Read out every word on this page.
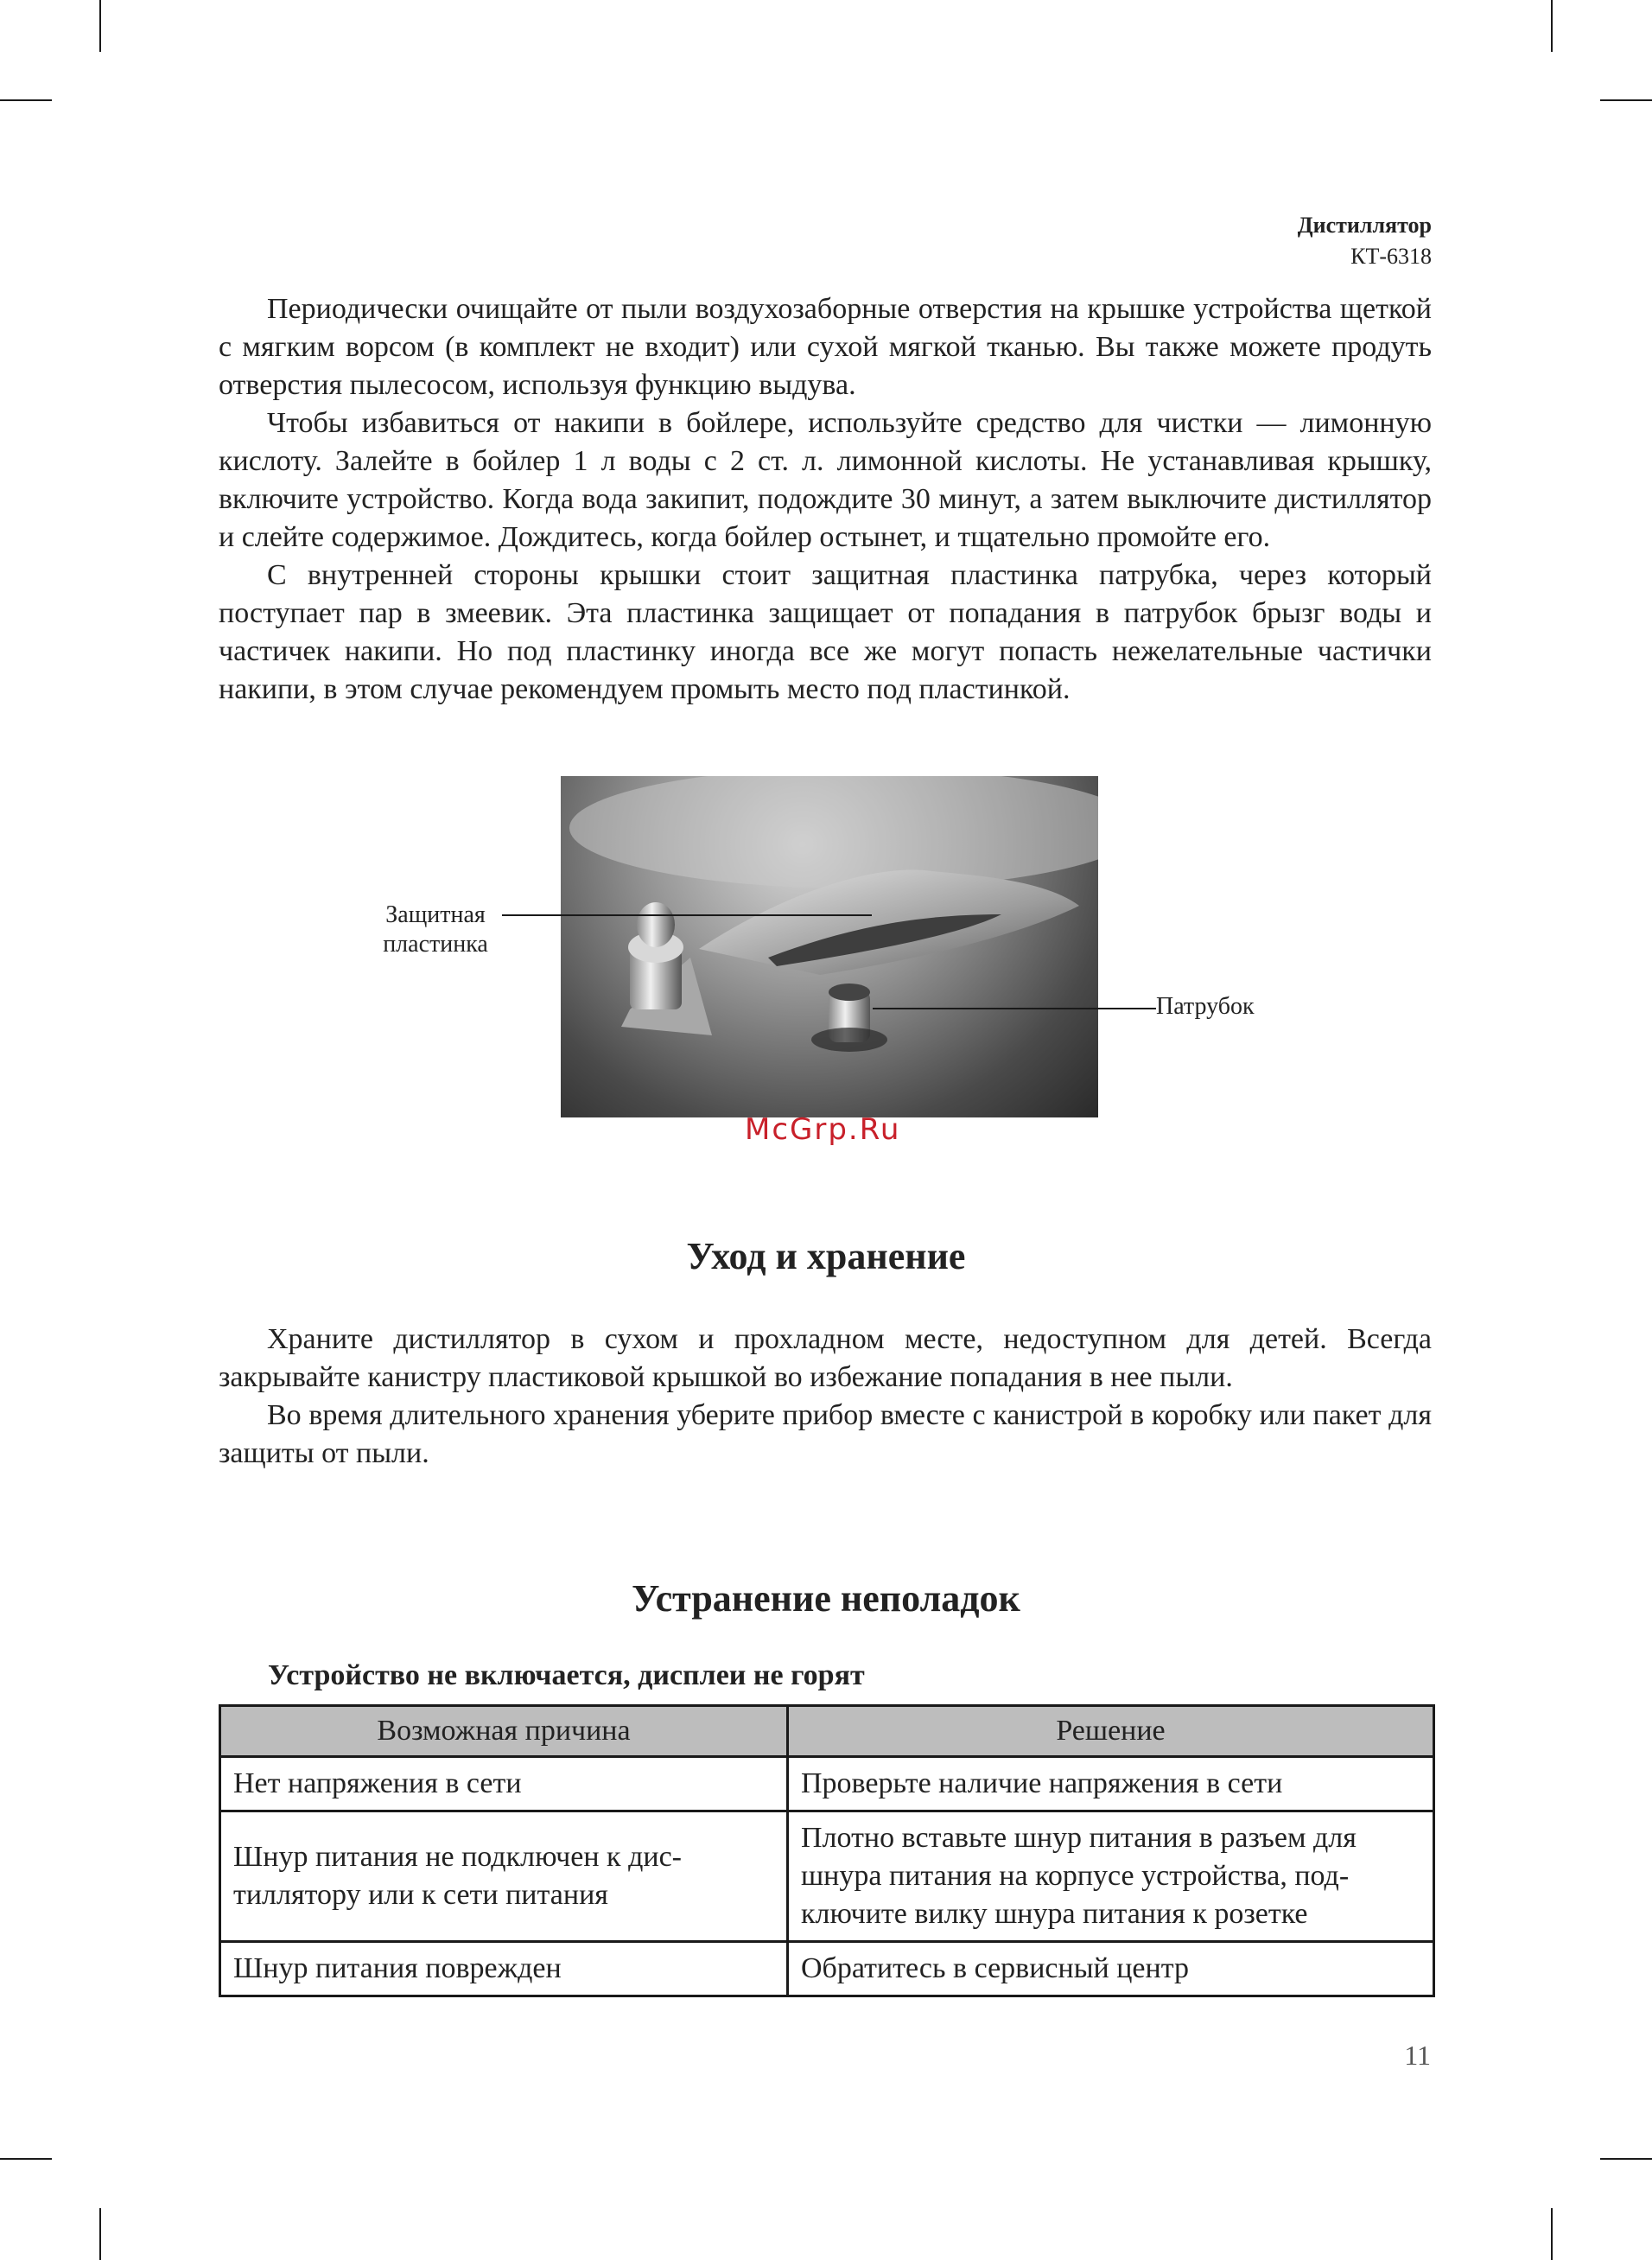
Дистиллятор
КТ-6318

Периодически очищайте от пыли воздухозаборные отверстия на крышке устройства щеткой с мягким ворсом (в комплект не входит) или сухой мягкой тканью. Вы также можете продуть отверстия пылесосом, используя функцию выдува.

Чтобы избавиться от накипи в бойлере, используйте средство для чистки — лимонную кислоту. Залейте в бойлер 1 л воды с 2 ст. л. лимонной кислоты. Не устанавливая крышку, включите устройство. Когда вода закипит, подождите 30 минут, а затем выключите дистиллятор и слейте содержимое. Дождитесь, когда бойлер остынет, и тщательно промойте его.

С внутренней стороны крышки стоит защитная пластинка патрубка, через который поступает пар в змеевик. Эта пластинка защищает от попадания в патрубок брызг воды и частичек накипи. Но под пластинку иногда все же могут попасть нежелательные частички накипи, в этом случае рекомендуем промыть место под пластинкой.

Защитная
пластинка
Патрубок
McGrp.Ru
Уход и хранение

Храните дистиллятор в сухом и прохладном месте, недоступном для детей. Всегда закрывайте канистру пластиковой крышкой во избежание попадания в нее пыли.

Во время длительного хранения уберите прибор вместе с канистрой в коробку или пакет для защиты от пыли.

Устранение неполадок
Устройство не включается, дисплеи не горят
Возможная причина	Решение
Нет напряжения в сети	Проверьте наличие напряжения в сети
Шнур питания не подключен к дистиллятору или к сети питания	Плотно вставьте шнур питания в разъем для шнура питания на корпусе устройства, подключите вилку шнура питания к розетке
Шнур питания поврежден	Обратитесь в сервисный центр
11
